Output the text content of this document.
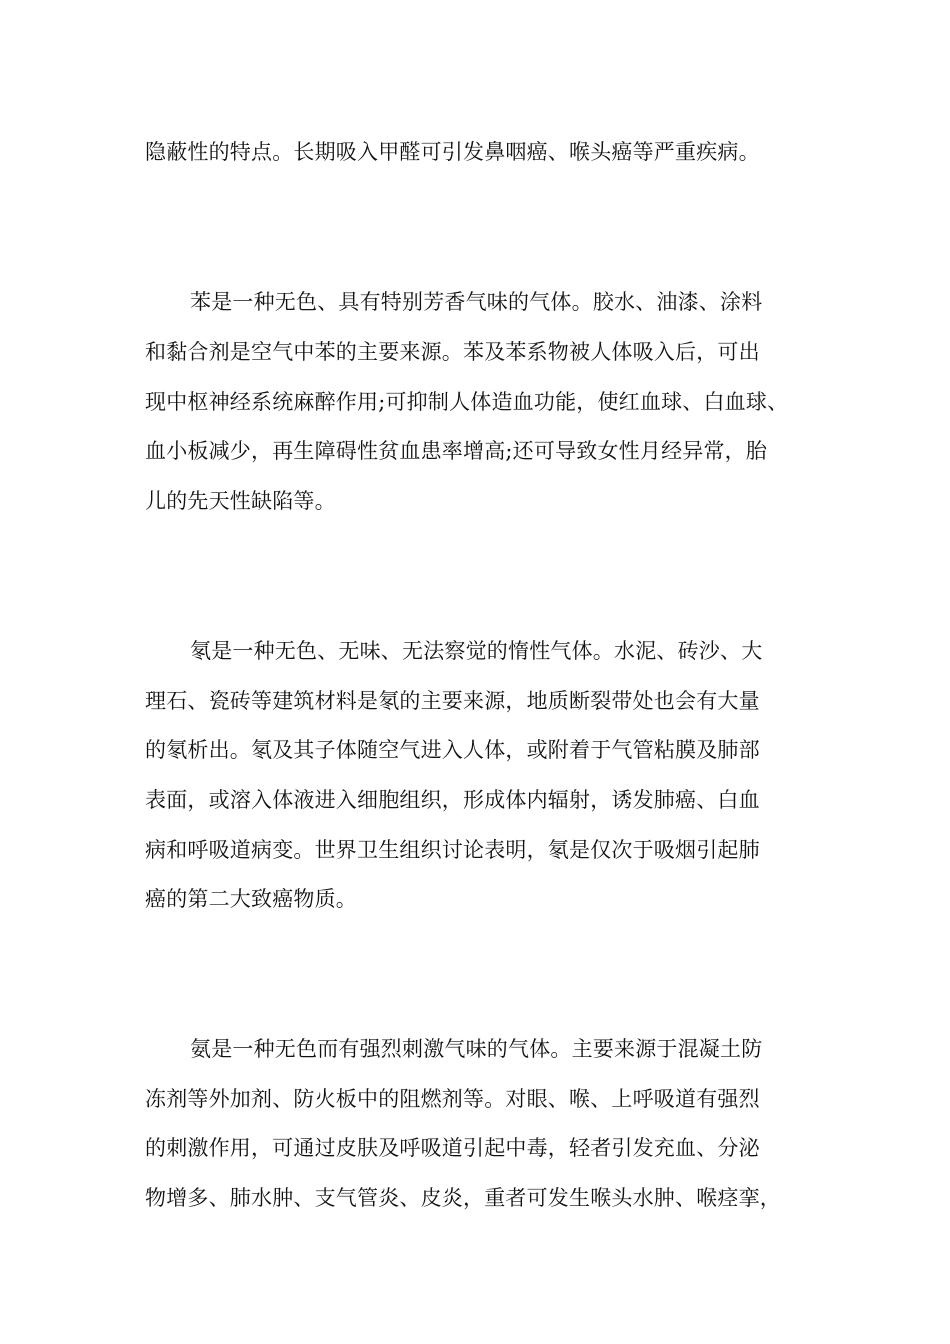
隐蔽性的特点。长期吸入甲醛可引发鼻咽癌、喉头癌等严重疾病。
苯是一种无色、具有特别芳香气味的气体。胶水、油漆、涂料
和黏合剂是空气中苯的主要来源。苯及苯系物被人体吸入后，可出
现中枢神经系统麻醉作用;可抑制人体造血功能，使红血球、白血球、
血小板减少，再生障碍性贫血患率增高;还可导致女性月经异常，胎
儿的先天性缺陷等。
氡是一种无色、无味、无法察觉的惰性气体。水泥、砖沙、大
理石、瓷砖等建筑材料是氡的主要来源，地质断裂带处也会有大量
的氡析出。氡及其子体随空气进入人体，或附着于气管粘膜及肺部
表面，或溶入体液进入细胞组织，形成体内辐射，诱发肺癌、白血
病和呼吸道病变。世界卫生组织讨论表明，氡是仅次于吸烟引起肺
癌的第二大致癌物质。
氨是一种无色而有强烈刺激气味的气体。主要来源于混凝土防
冻剂等外加剂、防火板中的阻燃剂等。对眼、喉、上呼吸道有强烈
的刺激作用，可通过皮肤及呼吸道引起中毒，轻者引发充血、分泌
物增多、肺水肿、支气管炎、皮炎，重者可发生喉头水肿、喉痉挛，
